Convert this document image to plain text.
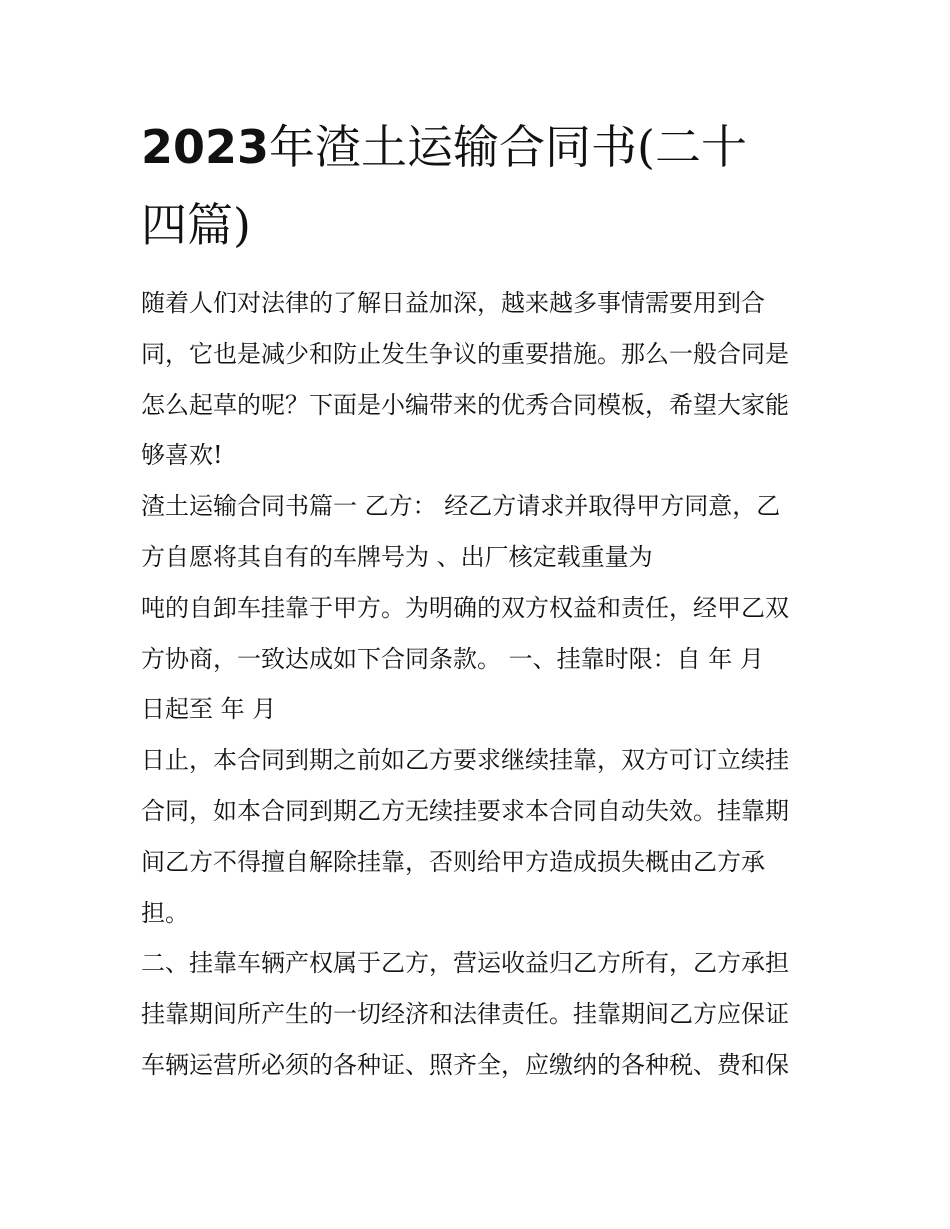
2023年渣土运输合同书(二十
四篇)
随着人们对法律的了解日益加深，越来越多事情需要用到合
同，它也是减少和防止发生争议的重要措施。那么一般合同是
怎么起草的呢？下面是小编带来的优秀合同模板，希望大家能
够喜欢!
渣土运输合同书篇一 乙方： 经乙方请求并取得甲方同意，乙
方自愿将其自有的车牌号为 、出厂核定载重量为
吨的自卸车挂靠于甲方。为明确的双方权益和责任，经甲乙双
方协商，一致达成如下合同条款。 一、挂靠时限：自 年 月
日起至 年 月
日止，本合同到期之前如乙方要求继续挂靠，双方可订立续挂
合同，如本合同到期乙方无续挂要求本合同自动失效。挂靠期
间乙方不得擅自解除挂靠，否则给甲方造成损失概由乙方承
担。
二、挂靠车辆产权属于乙方，营运收益归乙方所有，乙方承担
挂靠期间所产生的一切经济和法律责任。挂靠期间乙方应保证
车辆运营所必须的各种证、照齐全，应缴纳的各种税、费和保
